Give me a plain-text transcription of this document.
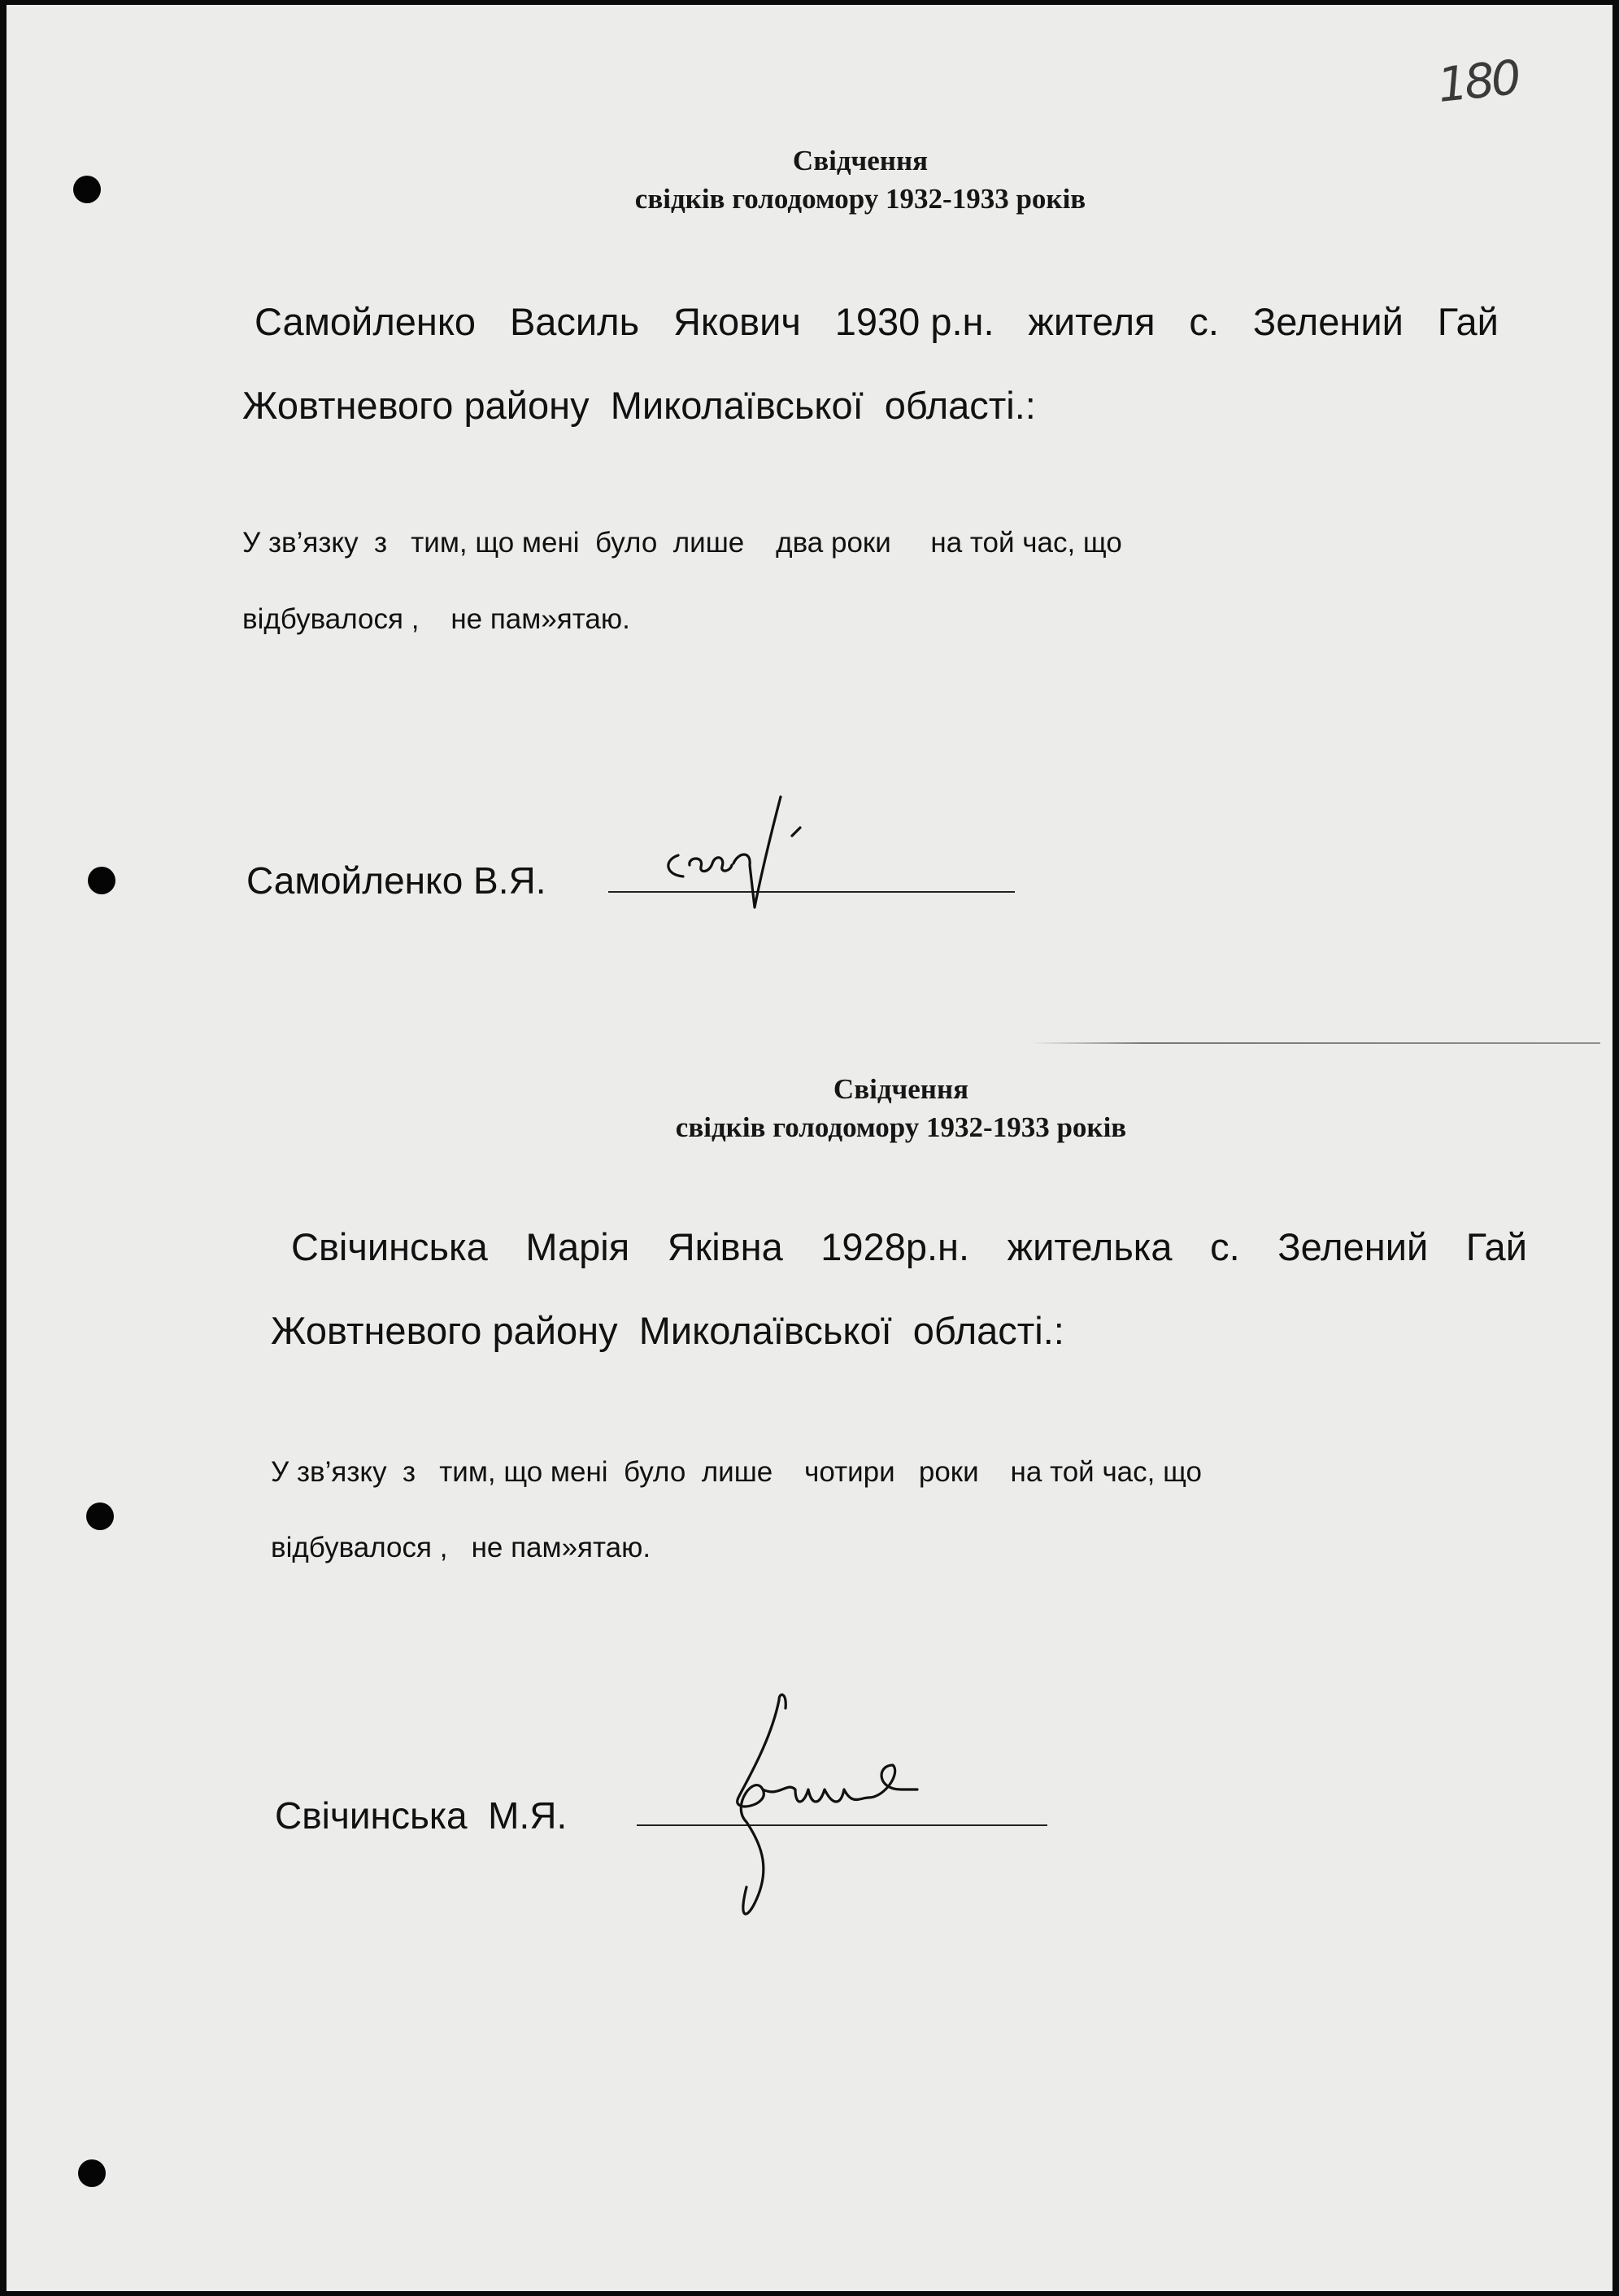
180
Свідчення
свідків голодомору 1932-1933 років
Самойленко Василь Якович 1930 р.н. жителя с. Зелений Гай
Жовтневого району  Миколаївської  області.:
У зв’язку  з   тим, що мені  було  лише    два роки     на той час, що
відбувалося ,    не пам»ятаю.
Самойленко В.Я.
Свідчення
свідків голодомору 1932-1933 років
Свічинська Марія Яківна 1928р.н. жителька с. Зелений Гай
Жовтневого району  Миколаївської  області.:
У зв’язку  з   тим, що мені  було  лише    чотири   роки    на той час, що
відбувалося ,   не пам»ятаю.
Свічинська  М.Я.
